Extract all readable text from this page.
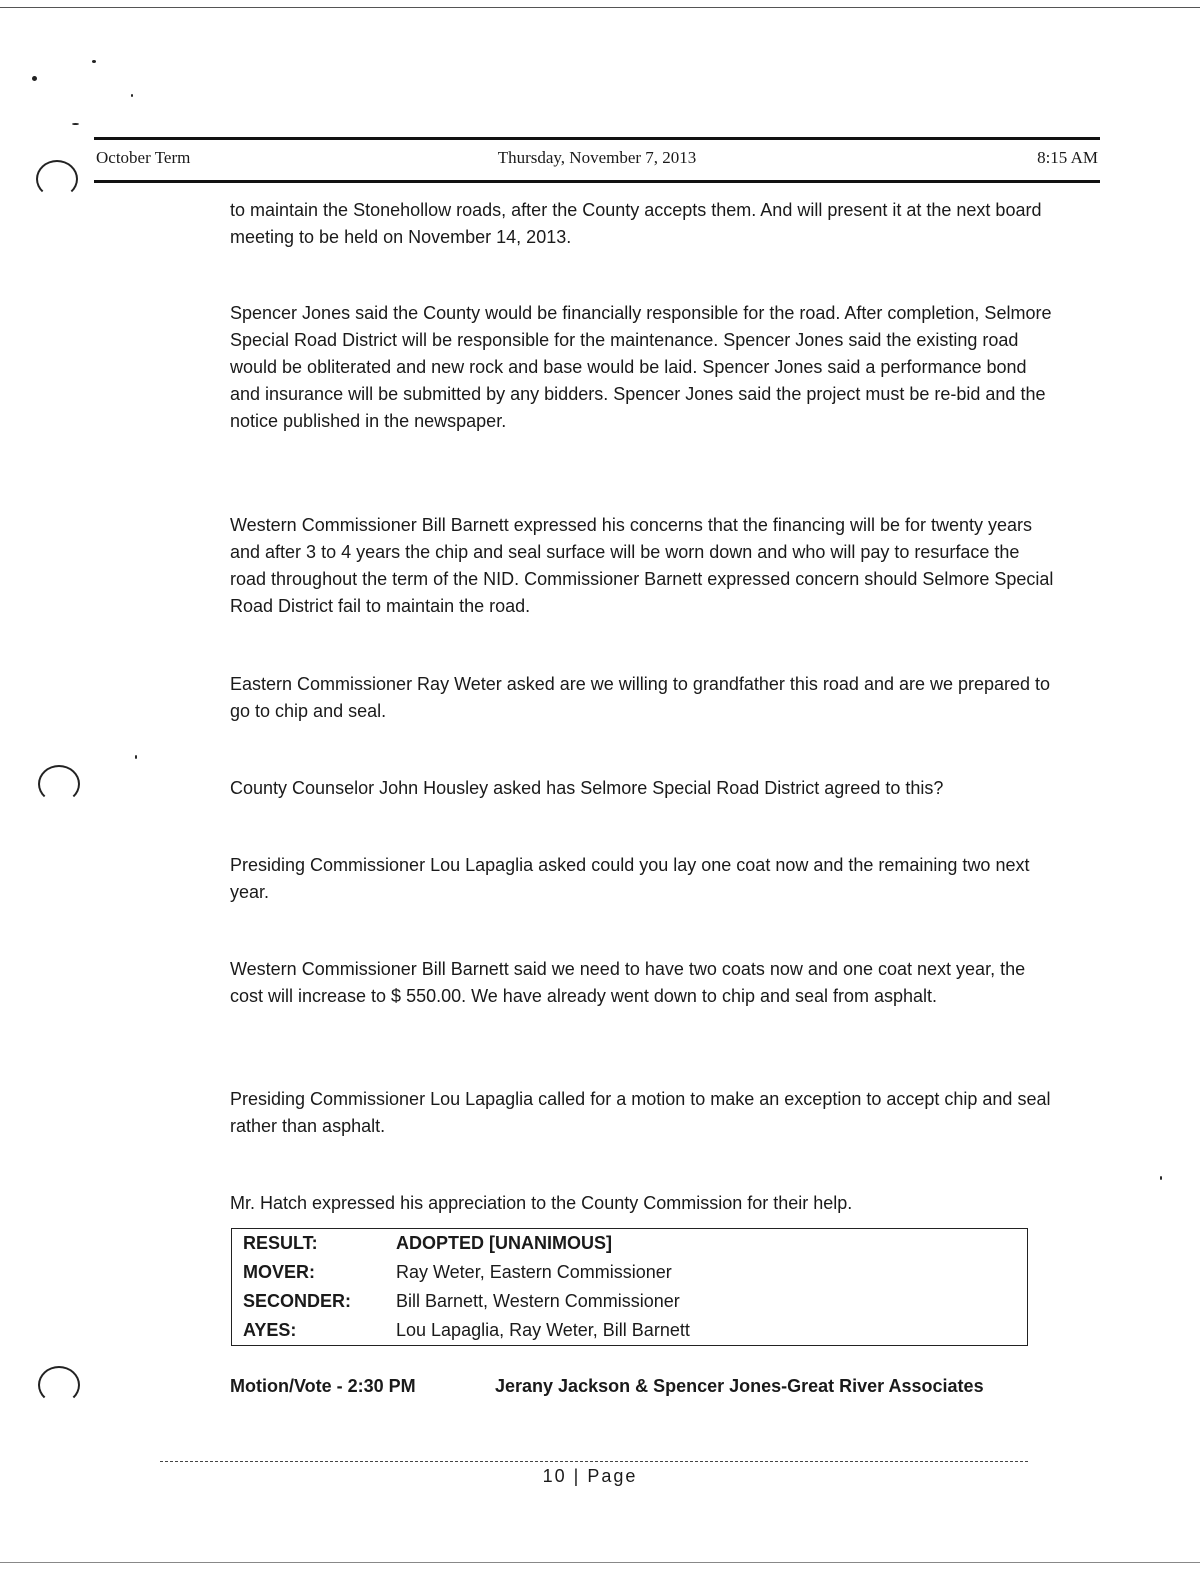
October Term	Thursday, November 7, 2013	8:15 AM

to maintain the Stonehollow roads, after the County accepts them. And will present it at the next board meeting to be held on November 14, 2013.

Spencer Jones said the County would be financially responsible for the road. After completion, Selmore Special Road District will be responsible for the maintenance. Spencer Jones said the existing road would be obliterated and new rock and base would be laid. Spencer Jones said a performance bond and insurance will be submitted by any bidders. Spencer Jones said the project must be re-bid and the notice published in the newspaper.

Western Commissioner Bill Barnett expressed his concerns that the financing will be for twenty years and after 3 to 4 years the chip and seal surface will be worn down and who will pay to resurface the road throughout the term of the NID. Commissioner Barnett expressed concern should Selmore Special Road District fail to maintain the road.

Eastern Commissioner Ray Weter asked are we willing to grandfather this road and are we prepared to go to chip and seal.

County Counselor John Housley asked has Selmore Special Road District agreed to this?

Presiding Commissioner Lou Lapaglia asked could you lay one coat now and the remaining two next year.

Western Commissioner Bill Barnett said we need to have two coats now and one coat next year, the cost will increase to $ 550.00. We have already went down to chip and seal from asphalt.

Presiding Commissioner Lou Lapaglia called for a motion to make an exception to accept chip and seal rather than asphalt.

Mr. Hatch expressed his appreciation to the County Commission for their help.

RESULT:	ADOPTED [UNANIMOUS]
MOVER:	Ray Weter, Eastern Commissioner
SECONDER:	Bill Barnett, Western Commissioner
AYES:	Lou Lapaglia, Ray Weter, Bill Barnett
Motion/Vote - 2:30 PM	Jerany Jackson & Spencer Jones-Great River Associates
10 | Page
